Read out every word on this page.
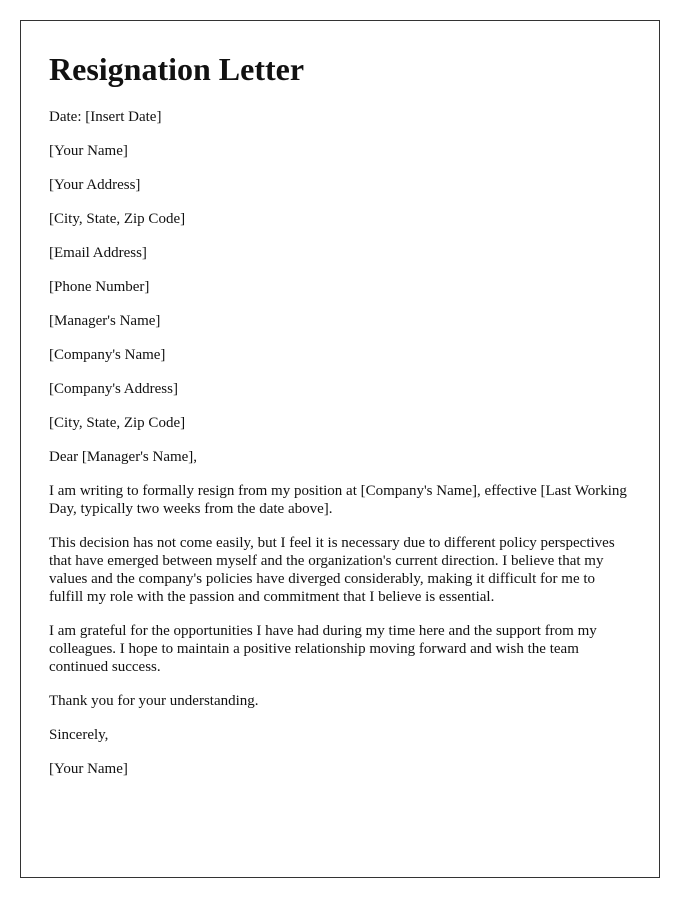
Resignation Letter

Date: [Insert Date]

[Your Name]

[Your Address]

[City, State, Zip Code]

[Email Address]

[Phone Number]

[Manager's Name]

[Company's Name]

[Company's Address]

[City, State, Zip Code]

Dear [Manager's Name],

I am writing to formally resign from my position at [Company's Name], effective [Last Working Day, typically two weeks from the date above].

This decision has not come easily, but I feel it is necessary due to different policy perspectives that have emerged between myself and the organization's current direction. I believe that my values and the company's policies have diverged considerably, making it difficult for me to fulfill my role with the passion and commitment that I believe is essential.

I am grateful for the opportunities I have had during my time here and the support from my colleagues. I hope to maintain a positive relationship moving forward and wish the team continued success.

Thank you for your understanding.

Sincerely,

[Your Name]
